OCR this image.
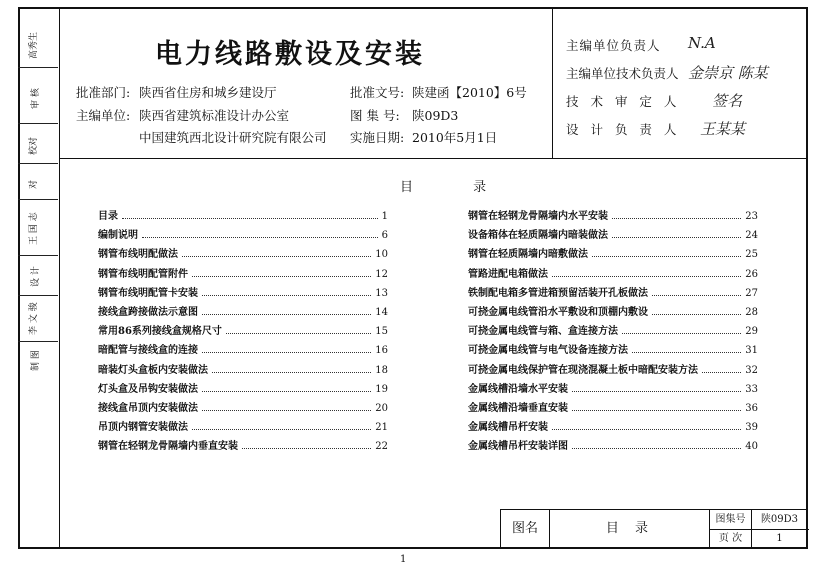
高秀生
审 核
校对
对
王 国 志
设 计
李 文 骏
制 图
电力线路敷设及安装
批准部门: 陕西省住房和城乡建设厅	批准文号: 陕建函【2010】6号
主编单位: 陕西省建筑标准设计办公室	图 集 号: 陕09D3
中国建筑西北设计研究院有限公司 实施日期: 2010年5月1日
主编单位负责人 N.A
主编单位技术负责人 金崇京 陈某
技 术 审 定 人 签名
设 计 负 责 人 王某某
目 录
目录	1
编制说明	6
钢管布线明配做法	10
钢管布线明配管附件	12
钢管布线明配管卡安装	13
接线盒跨接做法示意图	14
常用86系列接线盒规格尺寸	15
暗配管与接线盒的连接	16
暗装灯头盒板内安装做法	18
灯头盒及吊钩安装做法	19
接线盒吊顶内安装做法	20
吊顶内钢管安装做法	21
钢管在轻钢龙骨隔墙内垂直安装	22
钢管在轻钢龙骨隔墙内水平安装	23
设备箱体在轻质隔墙内暗装做法	24
钢管在轻质隔墙内暗敷做法	25
管路进配电箱做法	26
铁制配电箱多管进箱预留活装开孔板做法	27
可挠金属电线管沿水平敷设和顶棚内敷设	28
可挠金属电线管与箱、盒连接方法	29
可挠金属电线管与电气设备连接方法	31
可挠金属电线保护管在现浇混凝土板中暗配安装方法	32
金属线槽沿墙水平安装	33
金属线槽沿墙垂直安装	36
金属线槽吊杆安装	39
金属线槽吊杆安装详图	40
图名	目 录
图集号	陕09D3
页 次	1
1
